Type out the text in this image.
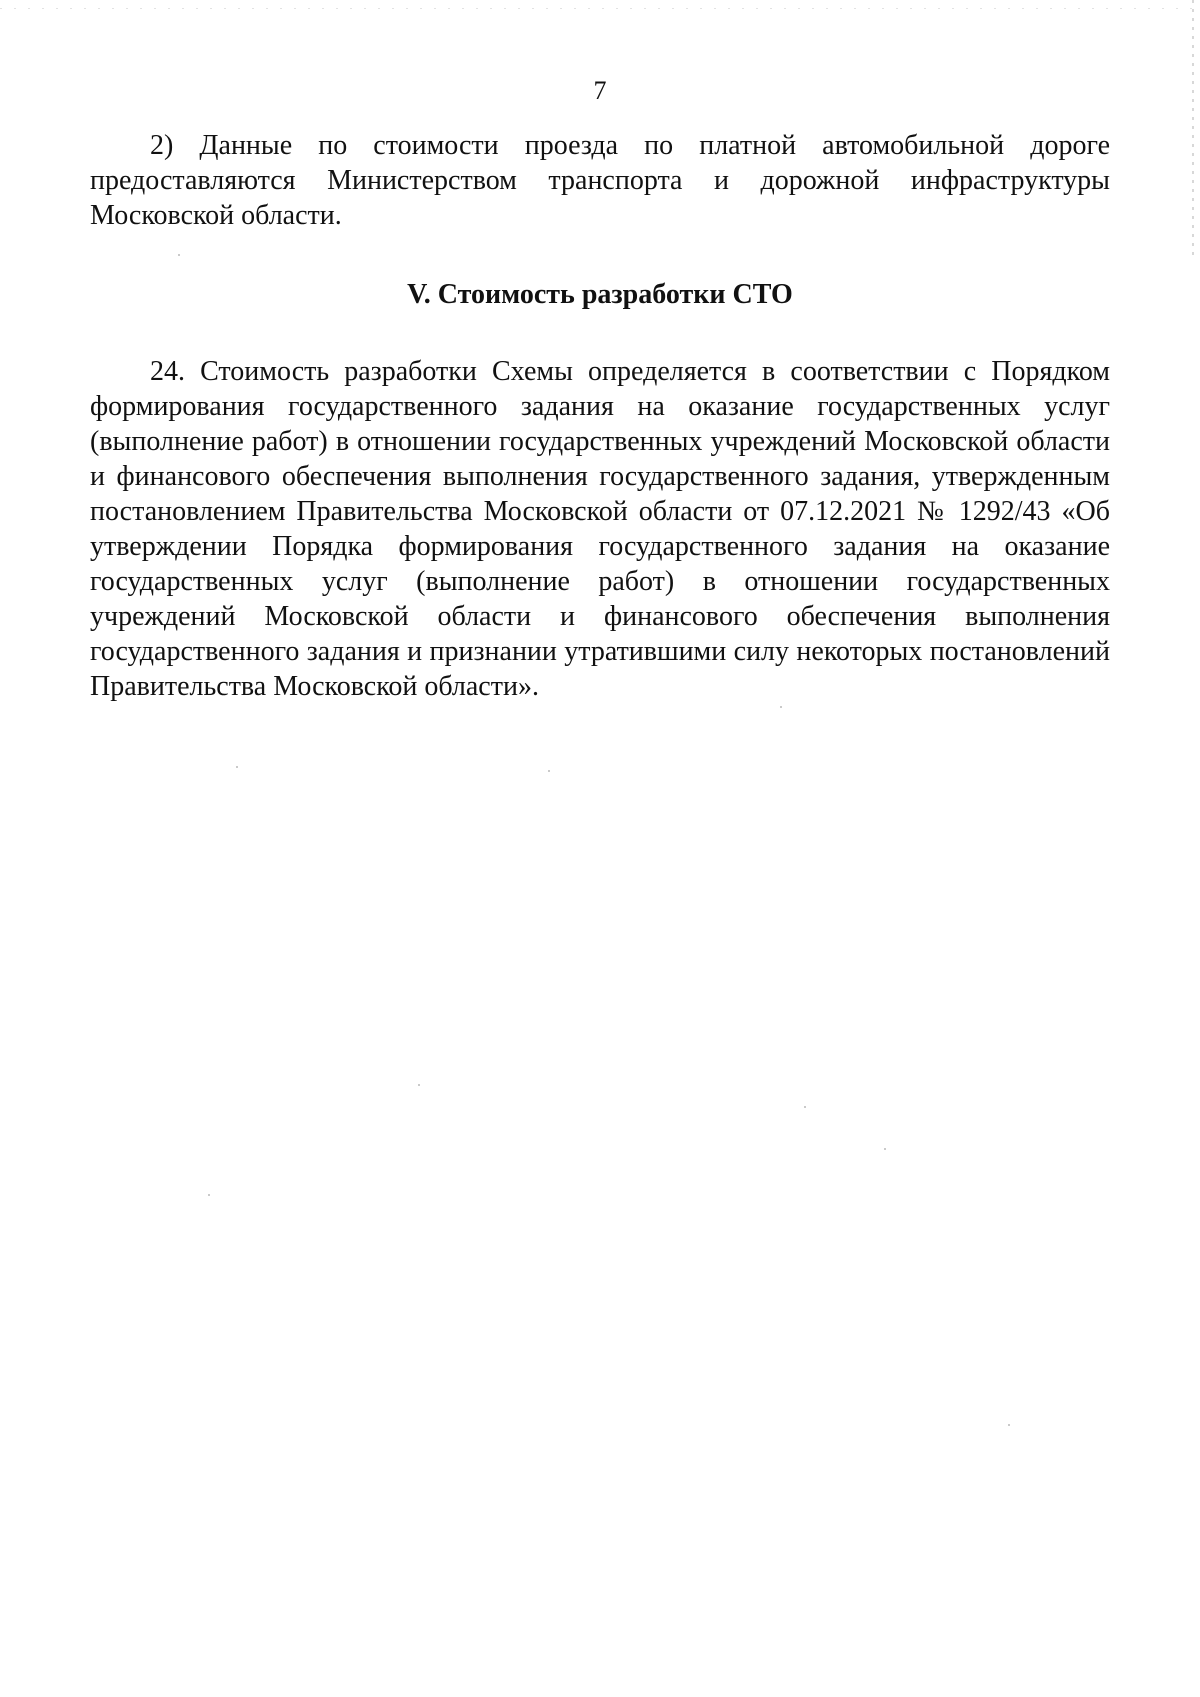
7

2) Данные по стоимости проезда по платной автомобильной дороге предоставляются Министерством транспорта и дорожной инфраструктуры Московской области.

V. Стоимость разработки СТО

24. Стоимость разработки Схемы определяется в соответствии с Порядком формирования государственного задания на оказание государственных услуг (выполнение работ) в отношении государственных учреждений Московской области и финансового обеспечения выполнения государственного задания, утвержденным постановлением Правительства Московской области от 07.12.2021 № 1292/43 «Об утверждении Порядка формирования государственного задания на оказание государственных услуг (выполнение работ) в отношении государственных учреждений Московской области и финансового обеспечения выполнения государственного задания и признании утратившими силу некоторых постановлений Правительства Московской области».
